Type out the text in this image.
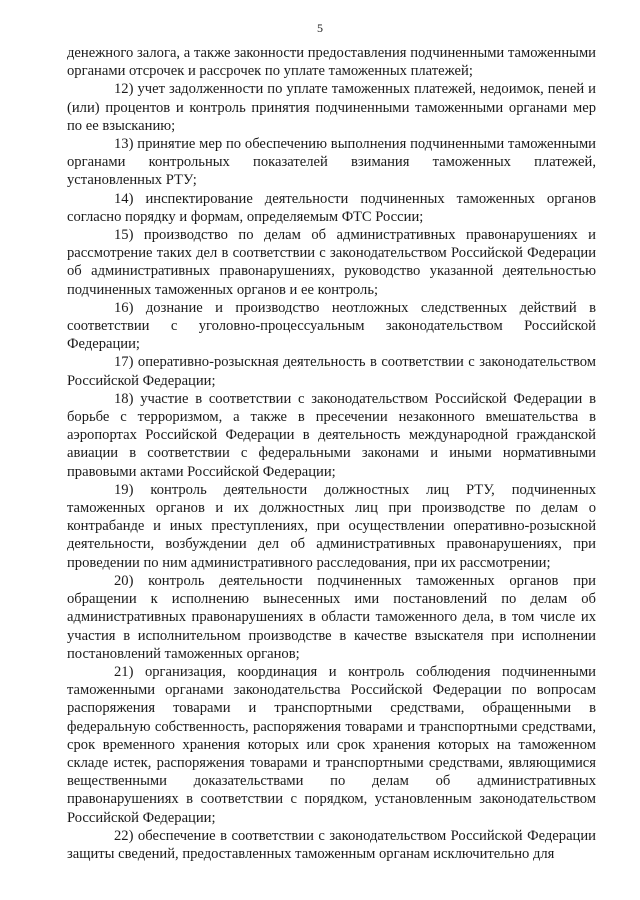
5

денежного залога, а также законности предоставления подчиненными таможенными органами отсрочек и рассрочек по уплате таможенных платежей;

12) учет задолженности по уплате таможенных платежей, недоимок, пеней и (или) процентов и контроль принятия подчиненными таможенными органами мер по ее взысканию;

13) принятие мер по обеспечению выполнения подчиненными таможенными органами контрольных показателей взимания таможенных платежей, установленных РТУ;

14) инспектирование деятельности подчиненных таможенных органов согласно порядку и формам, определяемым ФТС России;

15) производство по делам об административных правонарушениях и рассмотрение таких дел в соответствии с законодательством Российской Федерации об административных правонарушениях, руководство указанной деятельностью подчиненных таможенных органов и ее контроль;

16) дознание и производство неотложных следственных действий в соответствии с уголовно-процессуальным законодательством Российской Федерации;

17) оперативно-розыскная деятельность в соответствии с законодательством Российской Федерации;

18) участие в соответствии с законодательством Российской Федерации в борьбе с терроризмом, а также в пресечении незаконного вмешательства в аэропортах Российской Федерации в деятельность международной гражданской авиации в соответствии с федеральными законами и иными нормативными правовыми актами Российской Федерации;

19) контроль деятельности должностных лиц РТУ, подчиненных таможенных органов и их должностных лиц при производстве по делам о контрабанде и иных преступлениях, при осуществлении оперативно-розыскной деятельности, возбуждении дел об административных правонарушениях, при проведении по ним административного расследования, при их рассмотрении;

20) контроль деятельности подчиненных таможенных органов при обращении к исполнению вынесенных ими постановлений по делам об административных правонарушениях в области таможенного дела, в том числе их участия в исполнительном производстве в качестве взыскателя при исполнении постановлений таможенных органов;

21) организация, координация и контроль соблюдения подчиненными таможенными органами законодательства Российской Федерации по вопросам распоряжения товарами и транспортными средствами, обращенными в федеральную собственность, распоряжения товарами и транспортными средствами, срок временного хранения которых или срок хранения которых на таможенном складе истек, распоряжения товарами и транспортными средствами, являющимися вещественными доказательствами по делам об административных правонарушениях в соответствии с порядком, установленным законодательством Российской Федерации;

22) обеспечение в соответствии с законодательством Российской Федерации защиты сведений, предоставленных таможенным органам исключительно для
